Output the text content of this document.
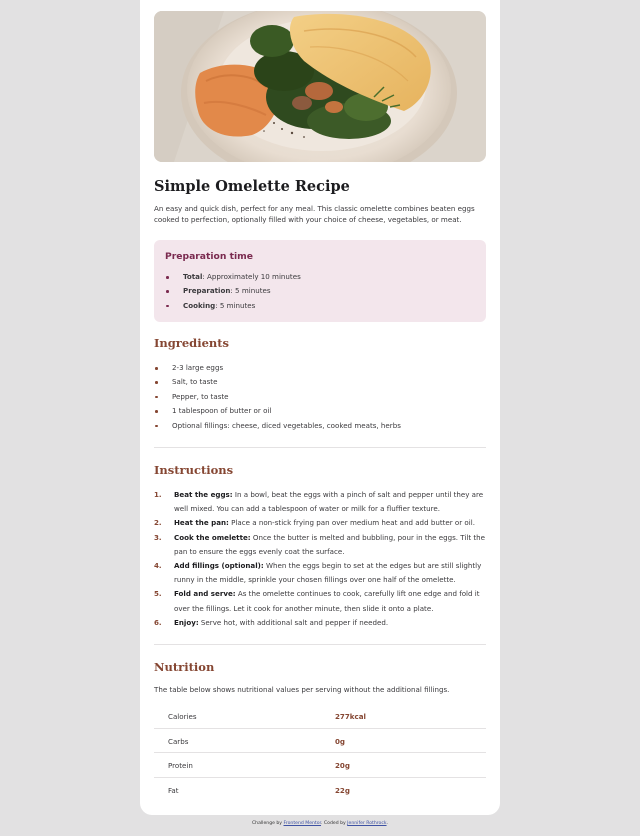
Simple Omelette Recipe

An easy and quick dish, perfect for any meal. This classic omelette combines beaten eggs cooked to perfection, optionally filled with your choice of cheese, vegetables, or meat.

Preparation time
Total: Approximately 10 minutes
Preparation: 5 minutes
Cooking: 5 minutes
Ingredients
2-3 large eggs
Salt, to taste
Pepper, to taste
1 tablespoon of butter or oil
Optional fillings: cheese, diced vegetables, cooked meats, herbs
Instructions
1. Beat the eggs: In a bowl, beat the eggs with a pinch of salt and pepper until they are well mixed. You can add a tablespoon of water or milk for a fluffier texture.
2. Heat the pan: Place a non-stick frying pan over medium heat and add butter or oil.
3. Cook the omelette: Once the butter is melted and bubbling, pour in the eggs. Tilt the pan to ensure the eggs evenly coat the surface.
4. Add fillings (optional): When the eggs begin to set at the edges but are still slightly runny in the middle, sprinkle your chosen fillings over one half of the omelette.
5. Fold and serve: As the omelette continues to cook, carefully lift one edge and fold it over the fillings. Let it cook for another minute, then slide it onto a plate.
6. Enjoy: Serve hot, with additional salt and pepper if needed.
Nutrition

The table below shows nutritional values per serving without the additional fillings.

Calories	277kcal
Carbs	0g
Protein	20g
Fat	22g
Challenge by Frontend Mentor. Coded by Jennifer Rothrock.
